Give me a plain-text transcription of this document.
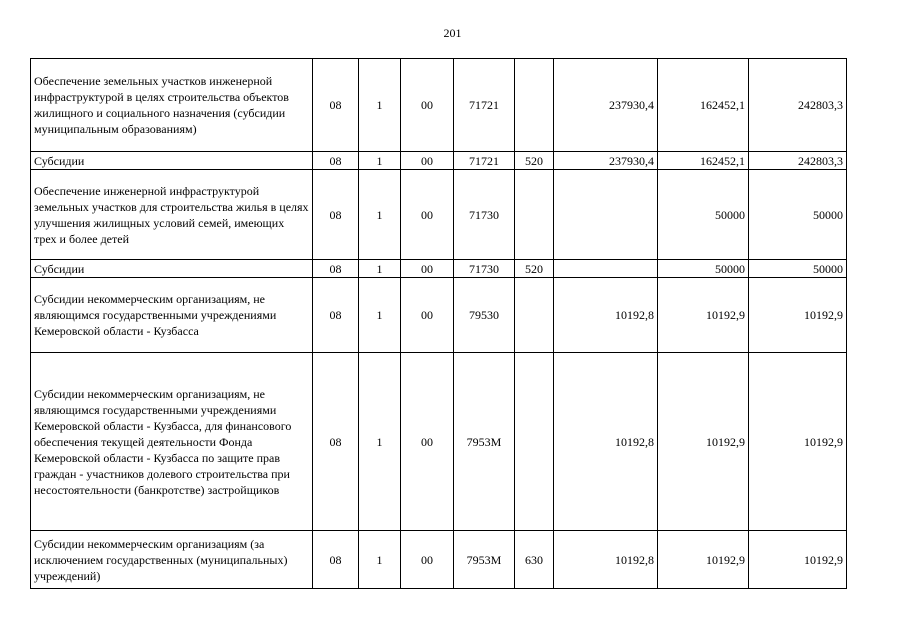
201
Обеспечение земельных участков инженерной инфраструктурой в целях строительства объектов жилищного и социального назначения (субсидии муниципальным образованиям)	08	1	00	71721		237930,4	162452,1	242803,3
Субсидии	08	1	00	71721	520	237930,4	162452,1	242803,3
Обеспечение инженерной инфраструктурой земельных участков для строительства жилья в целях улучшения жилищных условий семей, имеющих трех и более детей	08	1	00	71730			50000	50000
Субсидии	08	1	00	71730	520		50000	50000
Субсидии некоммерческим организациям, не являющимся государственными учреждениями Кемеровской области - Кузбасса	08	1	00	79530		10192,8	10192,9	10192,9
Субсидии некоммерческим организациям, не являющимся государственными учреждениями Кемеровской области - Кузбасса, для финансового обеспечения текущей деятельности Фонда Кемеровской области - Кузбасса по защите прав граждан - участников долевого строительства при несостоятельности (банкротстве) застройщиков	08	1	00	7953М		10192,8	10192,9	10192,9
Субсидии некоммерческим организациям (за исключением государственных (муниципальных) учреждений)	08	1	00	7953М	630	10192,8	10192,9	10192,9
